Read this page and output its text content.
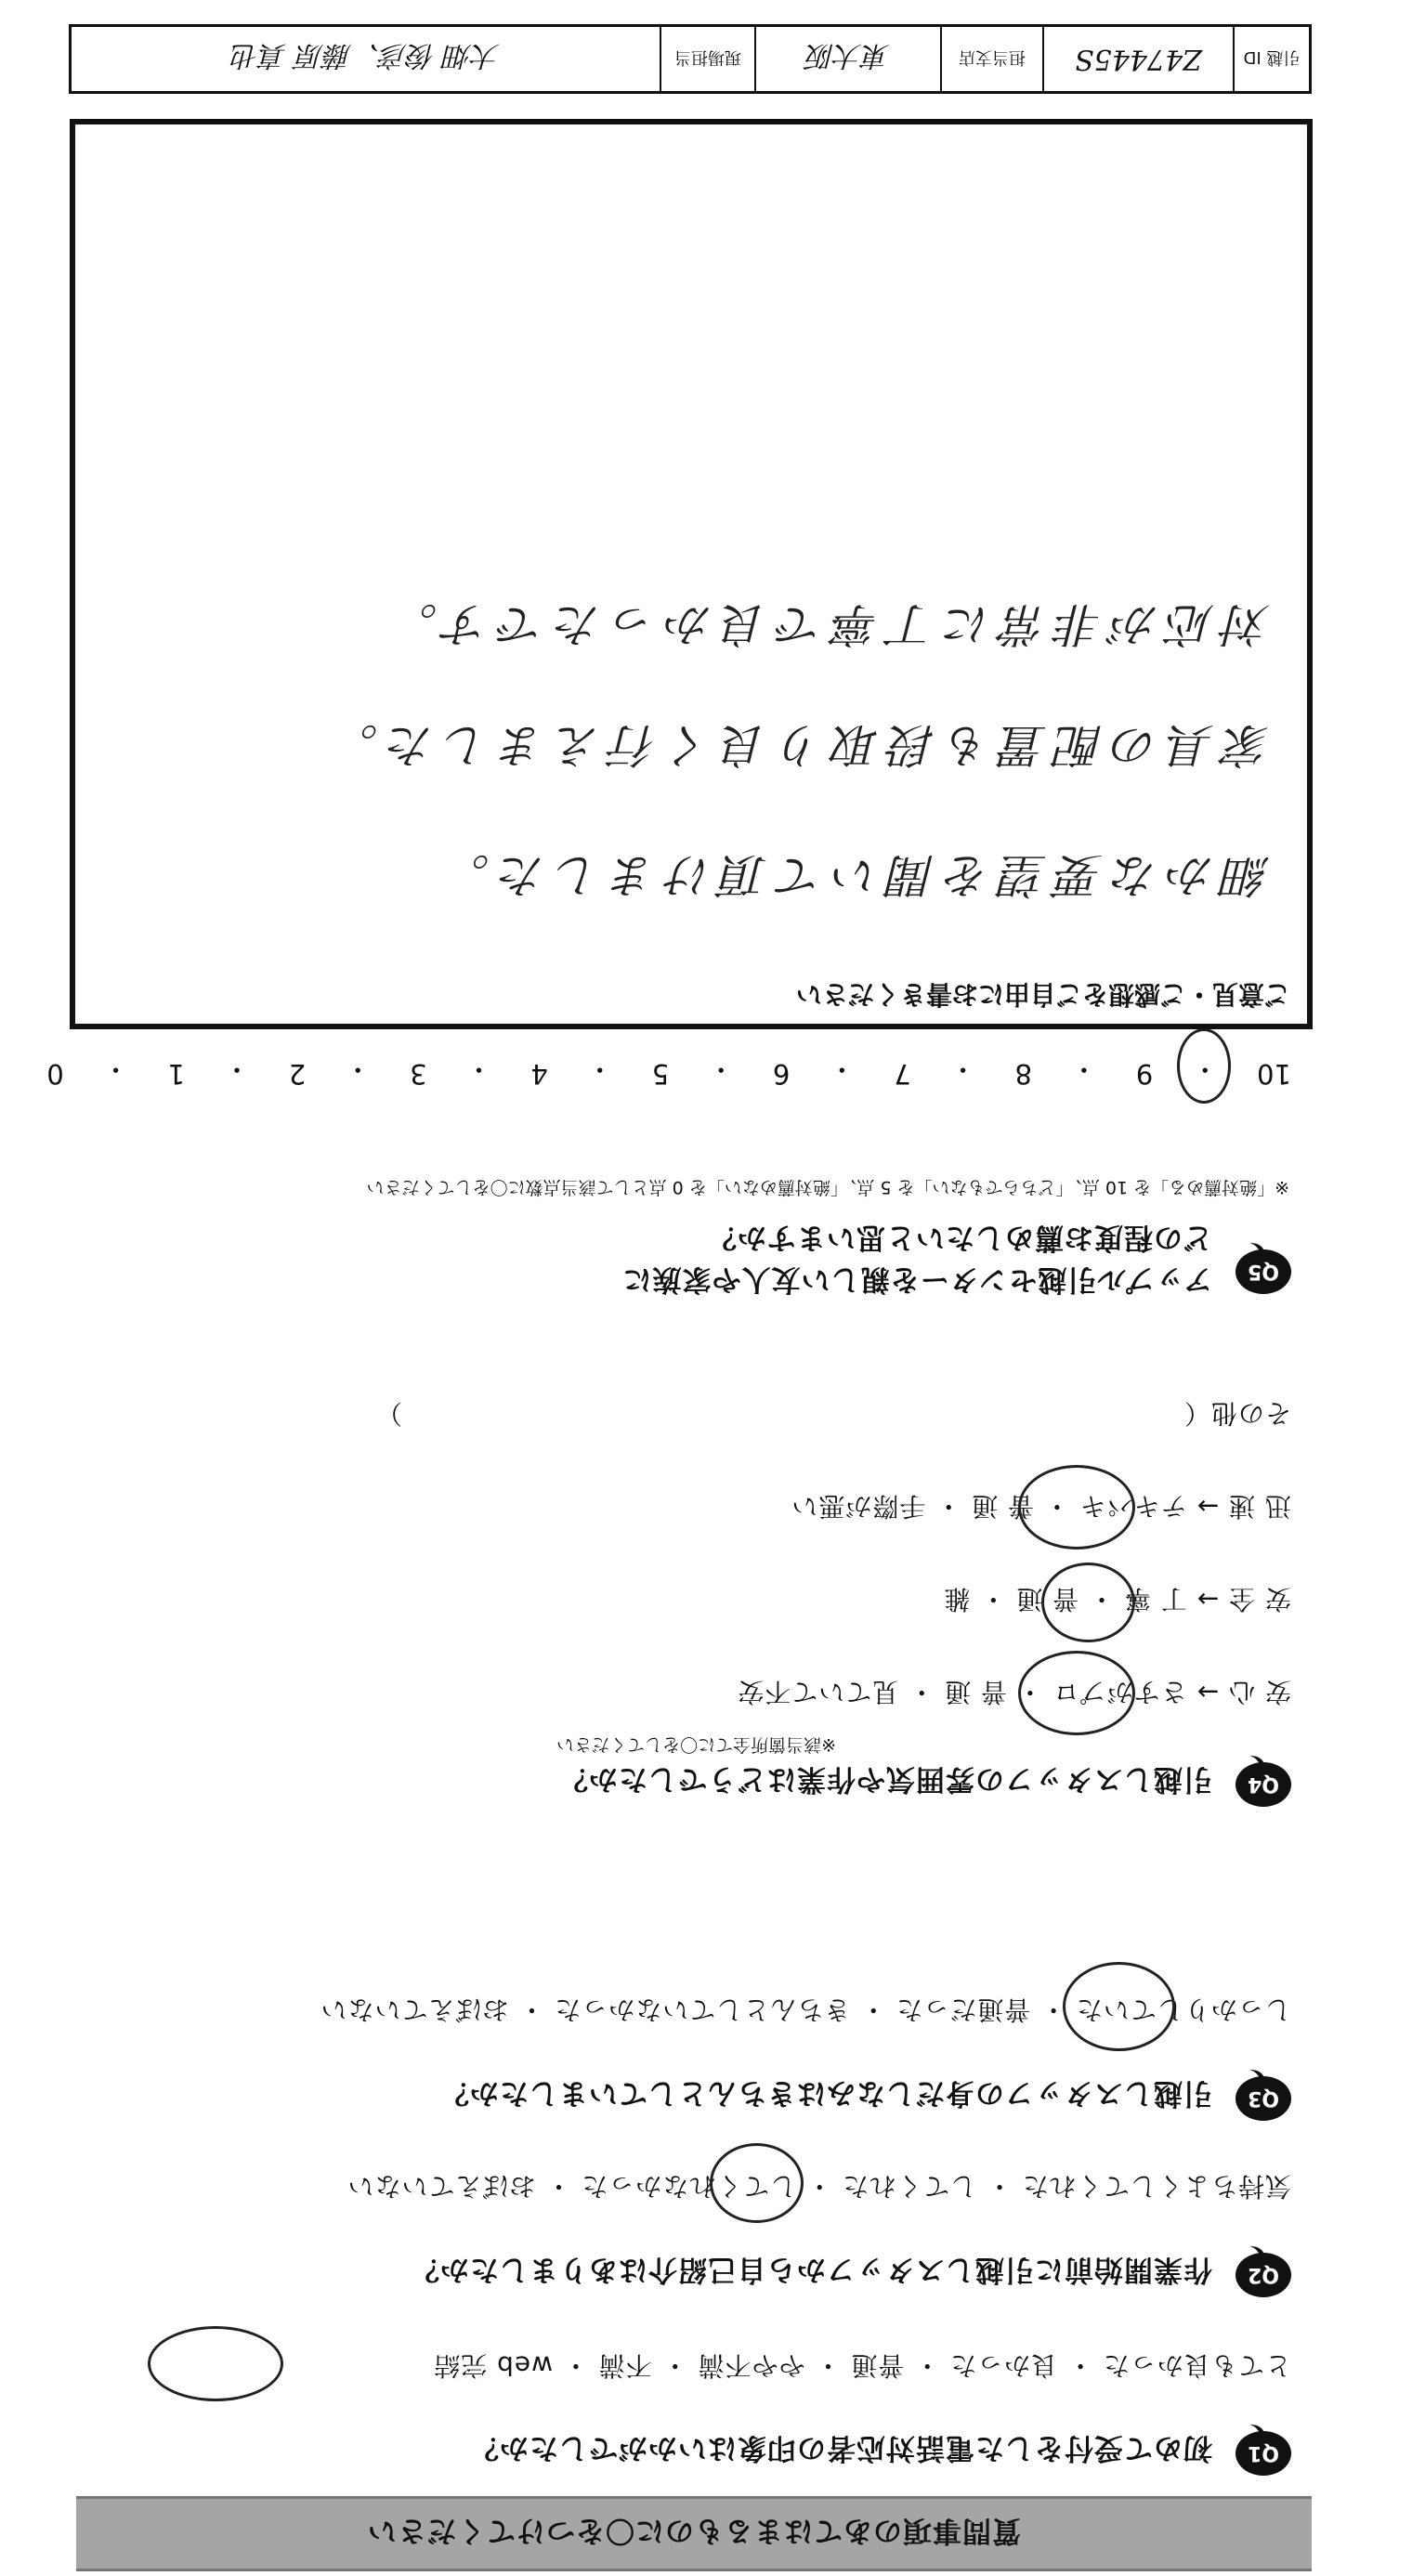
質問事項のあてはまるものに〇をつけてください
Q1
初めて受付をした電話対応者の印象はいかがでしたか？
とても良かった ・ 良かった ・ 普通 ・ やや不満 ・ 不満 ・ web 完結
Q2
作業開始前に引越しスタッフから自己紹介はありましたか？
気持ちよくしてくれた ・ してくれた ・ してくれなかった ・ おぼえていない
Q3
引越しスタッフの身だしなみはきちんとしていましたか？
しっかりしていた ・ 普通だった ・ きちんとしていなかった ・ おぼえていない
Q4
引越しスタッフの雰囲気や作業はどうでしたか？
※該当箇所全てに〇をしてください
安 心 → さすがプロ ・ 普 通 ・ 見ていて不安
安 全 → 丁 寧 ・ 普 通 ・ 雑
迅 速 → テキパキ ・ 普 通 ・ 手際が悪い
その他（　　　　　　　　　　　　　　　　　　　　　　　　　　　　　）
Q5
アップル引越センターを親しい友人や家族に
どの程度お薦めしたいと思いますか？
※「絶対薦める」を 10 点、「どちらでもない」を 5 点、「絶対薦めない」を 0 点として該当点数に〇をしてください
10
・
9
・
8
・
7
・
6
・
5
・
4
・
3
・
2
・
1
・
0
ご意見・ご感想をご自由にお書きください
細かな要望を聞いて頂けました。
家具の配置も段取り良く行えました。
対応が非常に丁寧で良かったです。
引越 ID
Z47445S
担当支店
東大阪
現場担当
大畑 俊彦、藤原 真也
